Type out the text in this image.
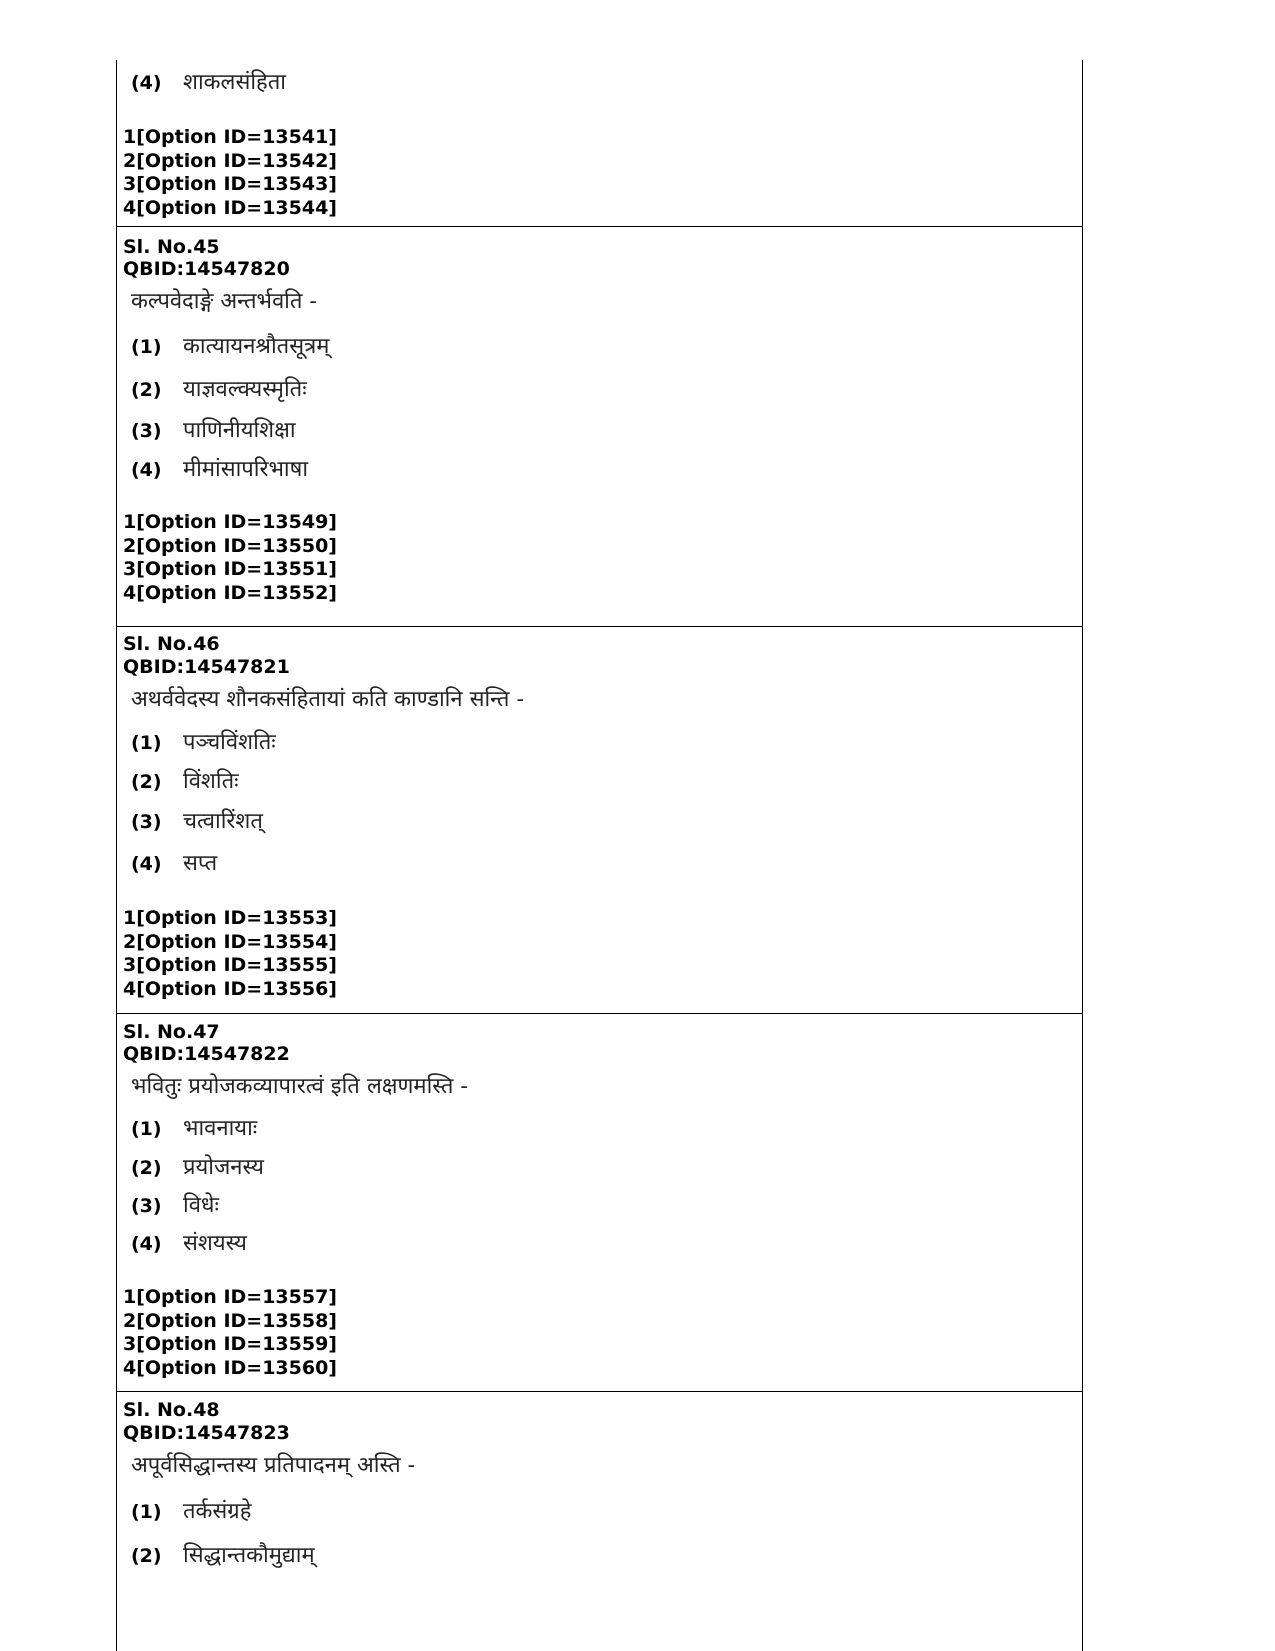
(4) शाकलसंहिता
1[Option ID=13541]
2[Option ID=13542]
3[Option ID=13543]
4[Option ID=13544]
Sl. No.45
QBID:14547820
कल्पवेदाङ्गे अन्तर्भवति -
(1) कात्यायनश्रौतसूत्रम्
(2) याज्ञवल्क्यस्मृतिः
(3) पाणिनीयशिक्षा
(4) मीमांसापरिभाषा
1[Option ID=13549]
2[Option ID=13550]
3[Option ID=13551]
4[Option ID=13552]
Sl. No.46
QBID:14547821
अथर्ववेदस्य शौनकसंहितायां कति काण्डानि सन्ति -
(1) पञ्चविंशतिः
(2) विंशतिः
(3) चत्वारिंशत्
(4) सप्त
1[Option ID=13553]
2[Option ID=13554]
3[Option ID=13555]
4[Option ID=13556]
Sl. No.47
QBID:14547822
भवितुः प्रयोजकव्यापारत्वं इति लक्षणमस्ति -
(1) भावनायाः
(2) प्रयोजनस्य
(3) विधेः
(4) संशयस्य
1[Option ID=13557]
2[Option ID=13558]
3[Option ID=13559]
4[Option ID=13560]
Sl. No.48
QBID:14547823
अपूर्वसिद्धान्तस्य प्रतिपादनम् अस्ति -
(1) तर्कसंग्रहे
(2) सिद्धान्तकौमुद्याम्
